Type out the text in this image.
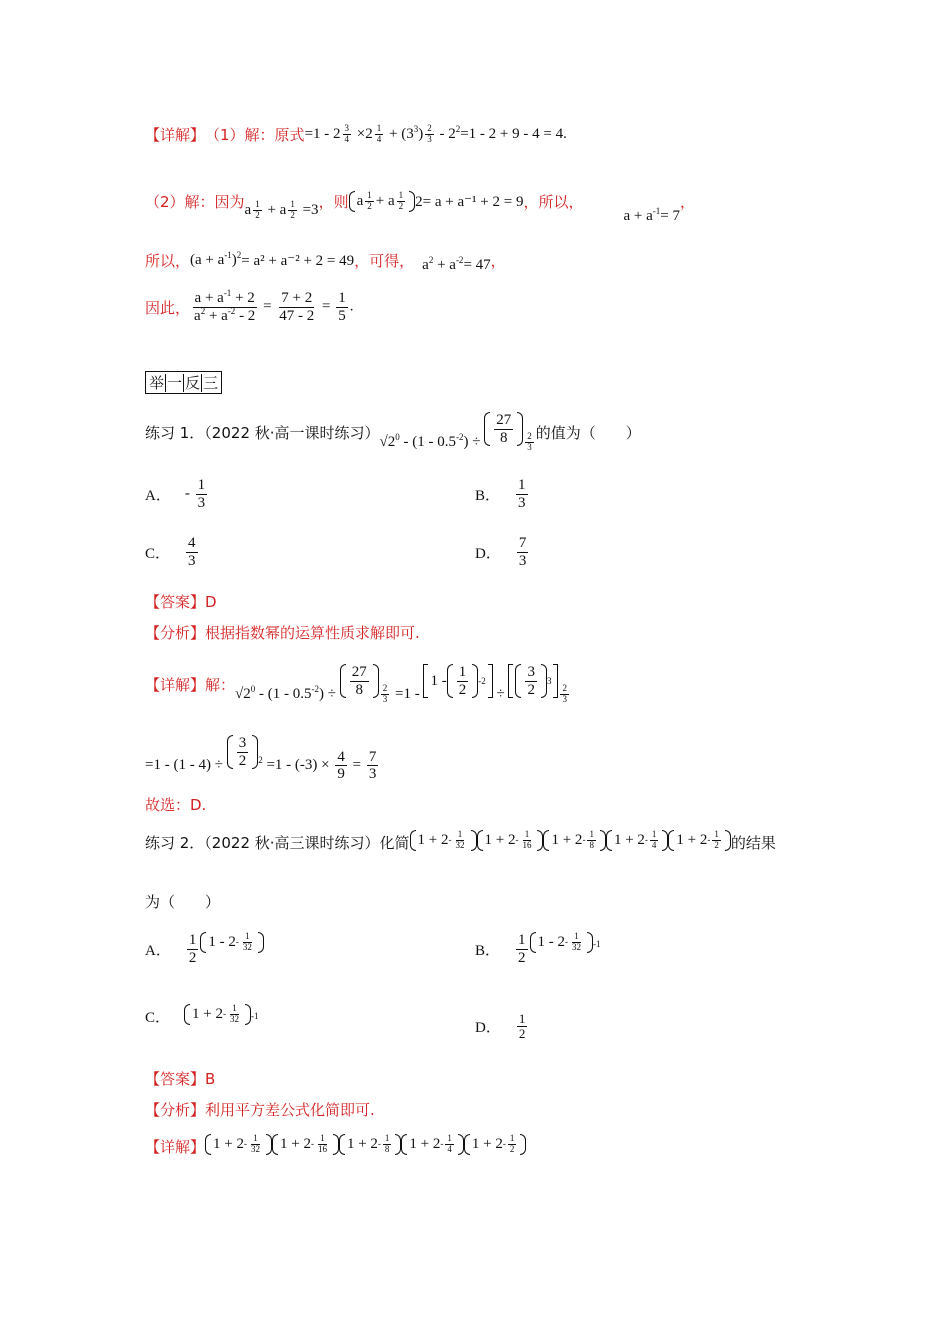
【详解】 （1）解：原式 $=1 - 2 \frac{3}{4} \times 2 \frac{1}{4} + (3^3) \frac{2}{3} - 2^2 =1 - 2 + 9 - 4 = 4$ .
（2）解：因为 a $\frac{1}{2} + a \frac{1}{2} =3$ ，则 a $\frac{1}{2} + a \frac{1}{2} 2 = a + a^{-1} + 2 = 9$ ，所以，
$a + a^{-1} = 7$
，
所以， $(a + a^{-1})^2 = a^2 + a^{-2} + 2 = 49$ ，可得， $a^2 + a^{-2} = 47$ ，
因此， $\frac{a + a^{-1} + 2}{a^2 + a^{-2} - 2} = \frac{7 + 2}{47 - 2} = \frac{1}{5}$ .
举 一 反 三
练习 1．（2022 秋·高一课时练习）
$√2^0 - (1 - 0.5^{-2}) \div \frac{27}{8} \frac{2}{3}$ 的值为（　　）
A． - $\frac{1}{3}$	B． $\frac{1}{3}$
C． $\frac{4}{3}$	D． $\frac{7}{3}$
【答案】 D
【分析】 根据指数幂的运算性质求解即可.
【详解】 解：
$√2^0 - (1 - 0.5^{-2}) \div \frac{27}{8} \frac{2}{3} =1 - 1 - \frac{1}{2} -2$
÷ $\frac{3}{2} 3$
$\frac{2}{3}$
$=1 - (1 - 4) \div \frac{3}{2} ^2 =1 - (-3) \times \frac{4}{9} = \frac{7}{3}$
故选：D.
练习 2．（2022 秋·高三课时练习）化简 $1 + 2 - \frac{1}{32} 1 + 2 - \frac{1}{16} 1 + 2 - \frac{1}{8} 1 + 2 - \frac{1}{4} 1 + 2 - \frac{1}{2}$ 的结果
为（　　）
A． $\frac{1}{2} 1 - 2 - \frac{1}{32}$	B． $\frac{1}{2} 1 - 2 - \frac{1}{32} ^{-1}$
C．	$1 + 2 - \frac{1}{32} ^{-1}$
D． $\frac{1}{2}$
【答案】 B
【分析】 利用平方差公式化简即可.
【详解】 $1 + 2 - \frac{1}{32} 1 + 2 - \frac{1}{16} 1 + 2 - \frac{1}{8} 1 + 2 - \frac{1}{4} 1 + 2 - \frac{1}{2}$
